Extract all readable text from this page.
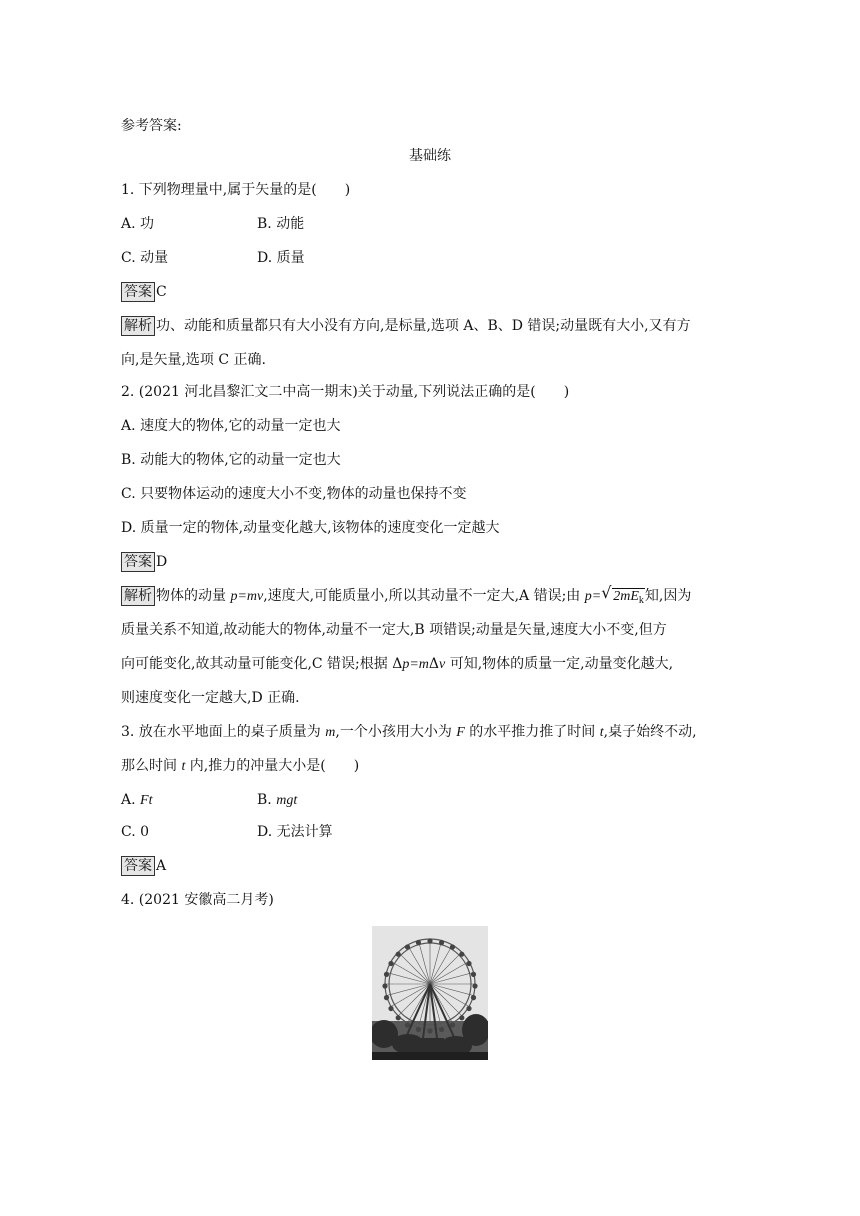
参考答案:
基础练
1. 下列物理量中,属于矢量的是(　　)
A. 功	B. 动能
C. 动量	D. 质量
答案 C
解析 功、动能和质量都只有大小没有方向,是标量,选项 A、B、D 错误;动量既有大小,又有方
向,是矢量,选项 C 正确.
2. (2021 河北昌黎汇文二中高一期末)关于动量,下列说法正确的是(　　)
A. 速度大的物体,它的动量一定也大
B. 动能大的物体,它的动量一定也大
C. 只要物体运动的速度大小不变,物体的动量也保持不变
D. 质量一定的物体,动量变化越大,该物体的速度变化一定越大
答案 D
解析 物体的动量 p=mv,速度大,可能质量小,所以其动量不一定大,A 错误;由 p= √ $2mE_k$知,因为
质量关系不知道,故动能大的物体,动量不一定大,B 项错误;动量是矢量,速度大小不变,但方
向可能变化,故其动量可能变化,C 错误;根据 Δp=mΔv 可知,物体的质量一定,动量变化越大,
则速度变化一定越大,D 正确.
3. 放在水平地面上的桌子质量为 m,一个小孩用大小为 F 的水平推力推了时间 t,桌子始终不动,
那么时间 t 内,推力的冲量大小是(　　)
A. Ft	B. mgt
C. 0	D. 无法计算
答案 A
4. (2021 安徽高二月考)
